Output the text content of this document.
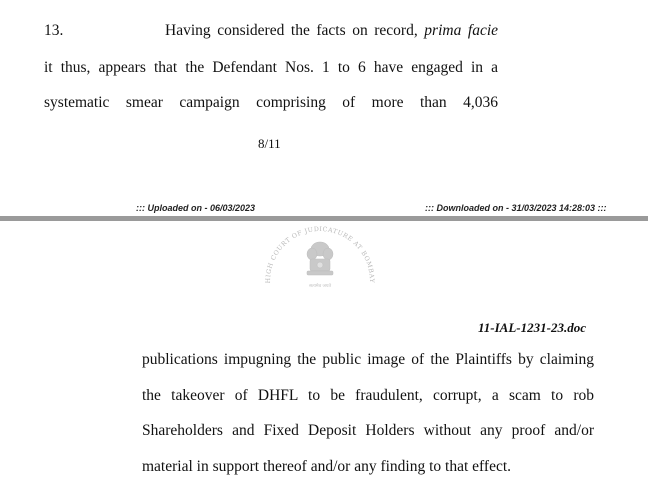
13.	Having considered the facts on record, prima facie
it thus, appears that the Defendant Nos. 1 to 6 have engaged in a
systematic smear campaign comprising of more than 4,036
8/11
::: Uploaded on - 06/03/2023	::: Downloaded on - 31/03/2023 14:28:03 :::
HIGH COURT OF JUDICATURE AT BOMBAY
सत्यमेव जयते
11-IAL-1231-23.doc
publications impugning the public image of the Plaintiffs by claiming
the takeover of DHFL to be fraudulent, corrupt, a scam to rob
Shareholders and Fixed Deposit Holders without any proof and/or
material in support thereof and/or any finding to that effect.
